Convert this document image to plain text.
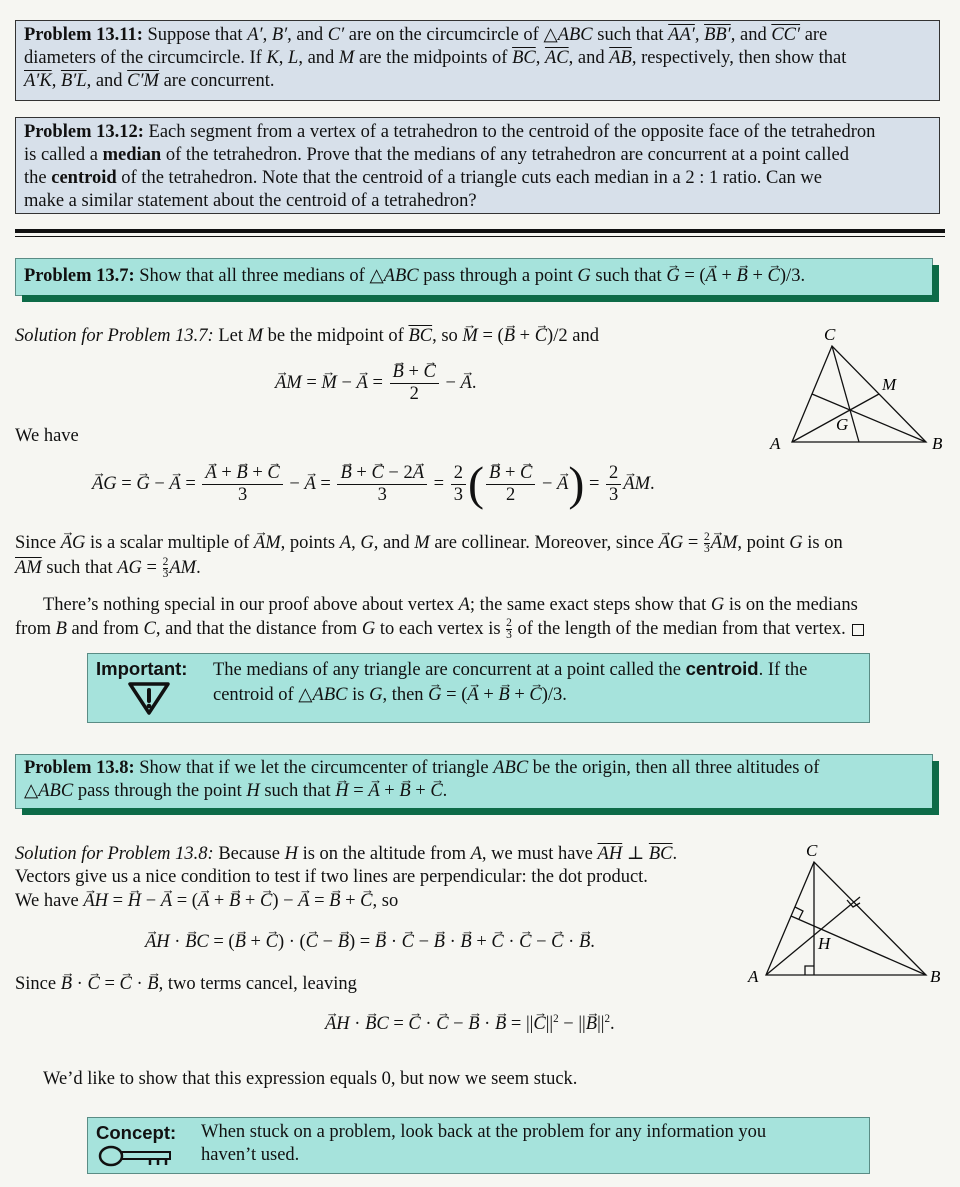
Problem 13.11: Suppose that A′, B′, and C′ are on the circumcircle of △ABC such that AA′, BB′, and CC′ are
diameters of the circumcircle. If K, L, and M are the midpoints of $\overline{BC}$, $\overline{AC}$, and $\overline{AB}$, respectively, then show that
A′K, B′L, and C′M are concurrent.
Problem 13.12: Each segment from a vertex of a tetrahedron to the centroid of the opposite face of the tetrahedron
is called a median of the tetrahedron. Prove that the medians of any tetrahedron are concurrent at a point called
the centroid of the tetrahedron. Note that the centroid of a triangle cuts each median in a 2 : 1 ratio. Can we
make a similar statement about the centroid of a tetrahedron?
Problem 13.7: Show that all three medians of △ABC pass through a point G such that → G = (→ A + → B + → C)/3.
Solution for Problem 13.7: Let M be the midpoint of $\overline{BC}$, so → M = (→ B + → C)/2 and
→ AM = → M − → A = → $\frac{B + \to C}{2}$ − → A.
We have
→ AG = → G − → A = → $\frac{A + \to B + \to C}{3}$ − → A = → $\frac{B + \to C - 2\to A}{3} = \frac{2}{3}$ ( → $\frac{B + \to C}{2}$ − → $A) = \frac{2}{3}$ → AM.
Since → AG is a scalar multiple of → AM, points A, G, and M are collinear. Moreover, since → AG = $\frac{2}{3}$ → AM, point G is on
$\overline{AM}$ such that AG = $\frac{2}{3}$ AM.
There’s nothing special in our proof above about vertex A; the same exact steps show that G is on the medians
from B and from C, and that the distance from G to each vertex is $\frac{2}{3}$ of the length of the median from that vertex.
Important:	The medians of any triangle are concurrent at a point called the centroid. If the
centroid of △ABC is G, then → G = (→ A + → B + → C)/3.
Problem 13.8: Show that if we let the circumcenter of triangle ABC be the origin, then all three altitudes of
△ABC pass through the point H such that → H = → A + → B + → C.
Solution for Problem 13.8: Because H is on the altitude from A, we must have $\overline{AH}$ ⊥ $\overline{BC}$.
Vectors give us a nice condition to test if two lines are perpendicular: the dot product.
We have → AH = → H − → A = (→ A + → B + → C) − → A = → B + → C, so
→ AH · → BC = (→ B + → C) · (→ C − → B) = → B · → C − → B · → B + → C · → C − → C · → B.
Since → B · → C = → C · → B, two terms cancel, leaving
→ AH · → BC = → C · → C − → B · → B = ||→ $C||^2$ − ||→ $B||^2$.
We’d like to show that this expression equals 0, but now we seem stuck.
Concept:	When stuck on a problem, look back at the problem for any information you
haven’t used.
C
M
G
A	B
C
H
A	B
